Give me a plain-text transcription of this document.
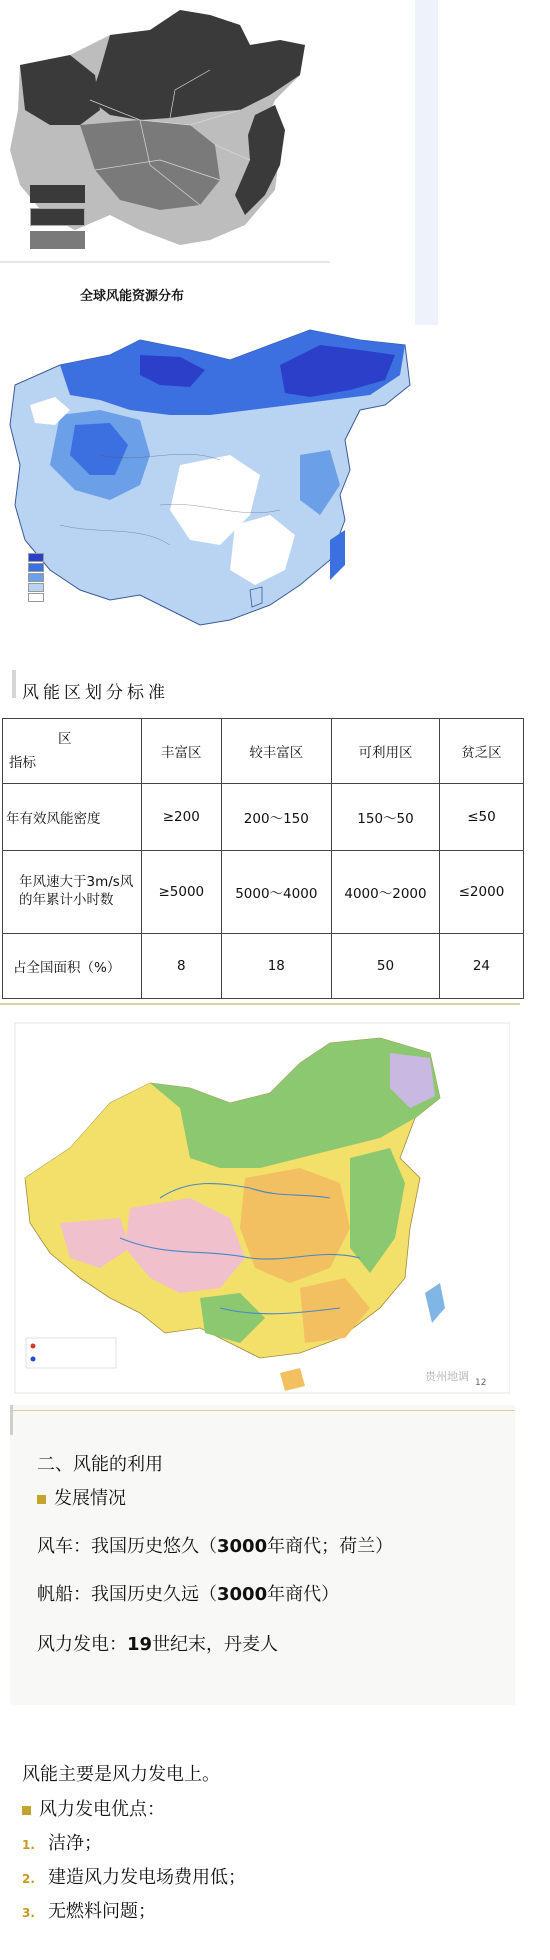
全球风能资源分布
风能区划分标准
区
指标	丰富区	较丰富区	可利用区	贫乏区
年有效风能密度	≥200	200～150	150～50	≤50
年风速大于3m/s风的年累计小时数	≥5000	5000～4000	4000～2000	≤2000
占全国面积（%）	8	18	50	24
12
贵州地调
二、风能的利用
发展情况
风车：我国历史悠久（3000年商代；荷兰）
帆船：我国历史久远（3000年商代）
风力发电：19世纪末，丹麦人
风能主要是风力发电上。
风力发电优点：
1. 洁净；
2. 建造风力发电场费用低；
3. 无燃料问题；
